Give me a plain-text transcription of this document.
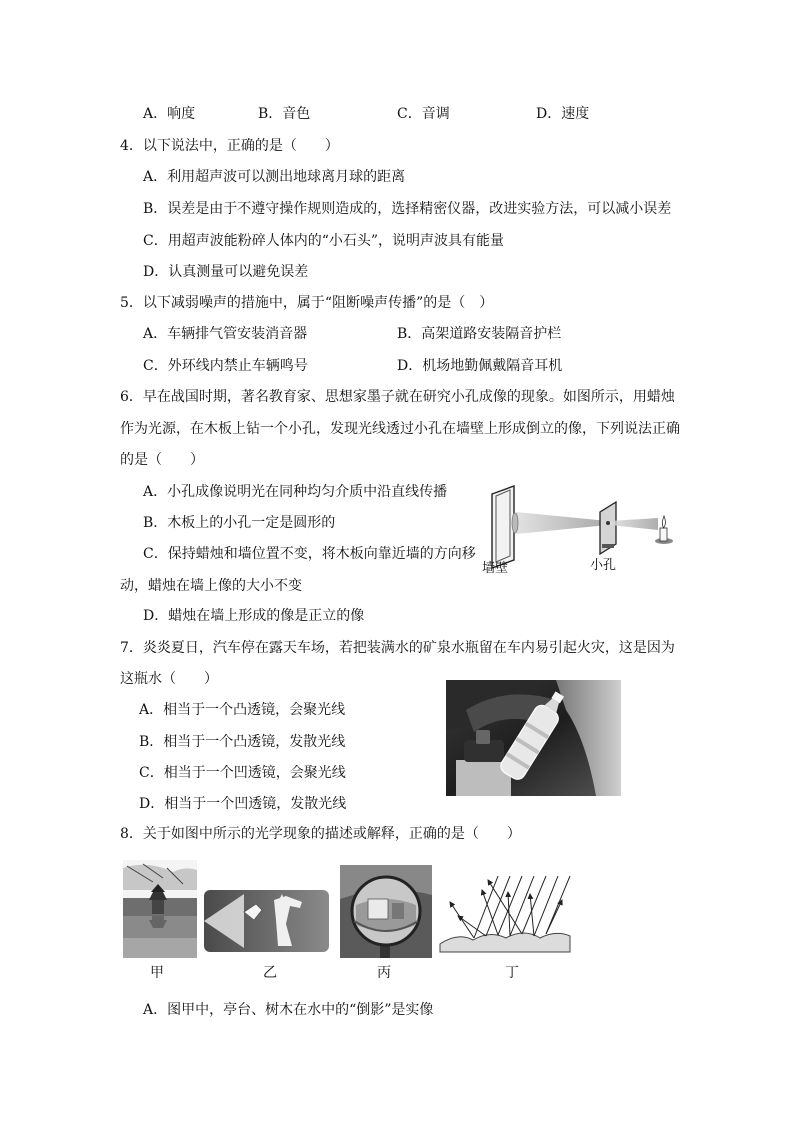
A．响度	B．音色	C．音调	D．速度
4．以下说法中，正确的是（　　）
A．利用超声波可以测出地球离月球的距离
B．误差是由于不遵守操作规则造成的，选择精密仪器，改进实验方法，可以减小误差
C．用超声波能粉碎人体内的“小石头”，说明声波具有能量
D．认真测量可以避免误差
5．以下减弱噪声的措施中，属于“阻断噪声传播”的是（　）
A．车辆排气管安装消音器	B．高架道路安装隔音护栏
C．外环线内禁止车辆鸣号	D．机场地勤佩戴隔音耳机
6．早在战国时期，著名教育家、思想家墨子就在研究小孔成像的现象。如图所示，用蜡烛
作为光源，在木板上钻一个小孔，发现光线透过小孔在墙壁上形成倒立的像，下列说法正确
的是（　　）
A．小孔成像说明光在同种均匀介质中沿直线传播
B．木板上的小孔一定是圆形的
C．保持蜡烛和墙位置不变，将木板向靠近墙的方向移
动，蜡烛在墙上像的大小不变
D．蜡烛在墙上形成的像是正立的像
墙壁	小孔
7．炎炎夏日，汽车停在露天车场，若把装满水的矿泉水瓶留在车内易引起火灾，这是因为
这瓶水（　　）
A．相当于一个凸透镜，会聚光线
B．相当于一个凸透镜，发散光线
C．相当于一个凹透镜，会聚光线
D．相当于一个凹透镜，发散光线
8．关于如图中所示的光学现象的描述或解释，正确的是（　　）
甲	乙	丙	丁
A．图甲中，亭台、树木在水中的“倒影”是实像
